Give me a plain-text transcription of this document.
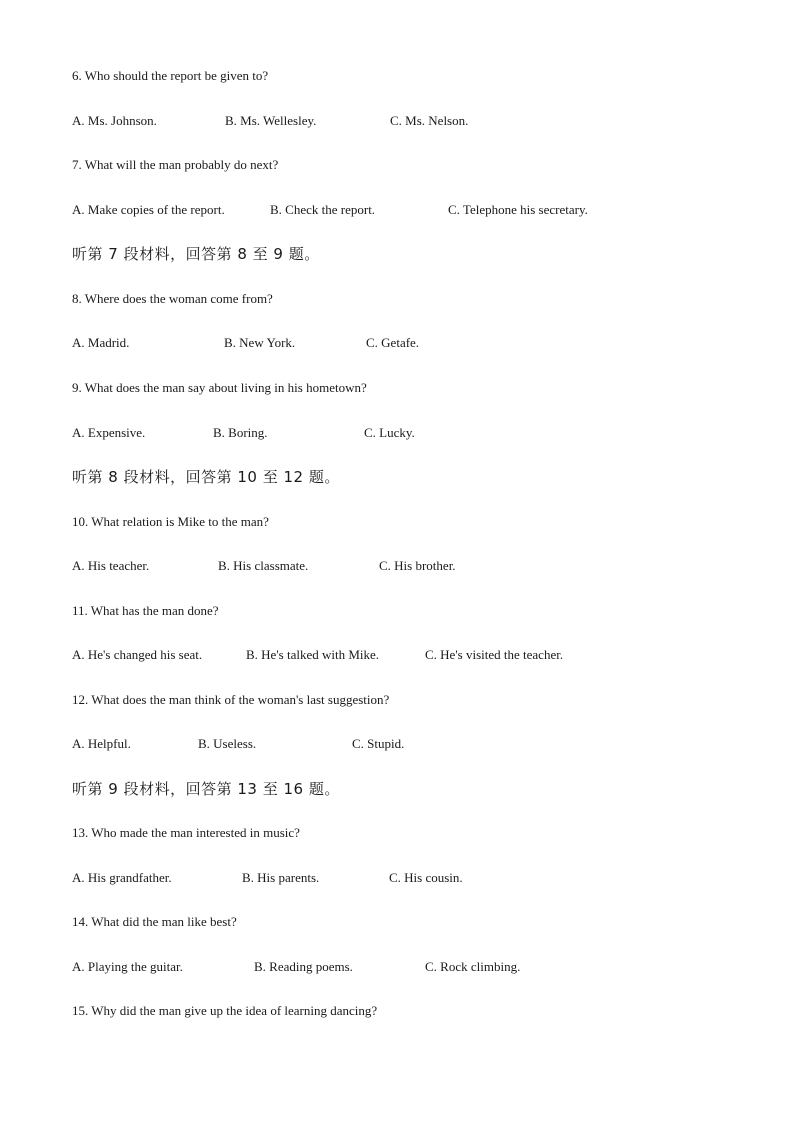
6. Who should the report be given to?
A. Ms. Johnson.	B. Ms. Wellesley.	C. Ms. Nelson.
7. What will the man probably do next?
A. Make copies of the report.	B. Check the report.	C. Telephone his secretary.
听第 7 段材料，回答第 8 至 9 题。
8. Where does the woman come from?
A. Madrid.	B. New York.	C. Getafe.
9. What does the man say about living in his hometown?
A. Expensive.	B. Boring.	C. Lucky.
听第 8 段材料，回答第 10 至 12 题。
10. What relation is Mike to the man?
A. His teacher.	B. His classmate.	C. His brother.
11. What has the man done?
A. He's changed his seat.	B. He's talked with Mike.	C. He's visited the teacher.
12. What does the man think of the woman's last suggestion?
A. Helpful.	B. Useless.	C. Stupid.
听第 9 段材料，回答第 13 至 16 题。
13. Who made the man interested in music?
A. His grandfather.	B. His parents.	C. His cousin.
14. What did the man like best?
A. Playing the guitar.	B. Reading poems.	C. Rock climbing.
15. Why did the man give up the idea of learning dancing?
